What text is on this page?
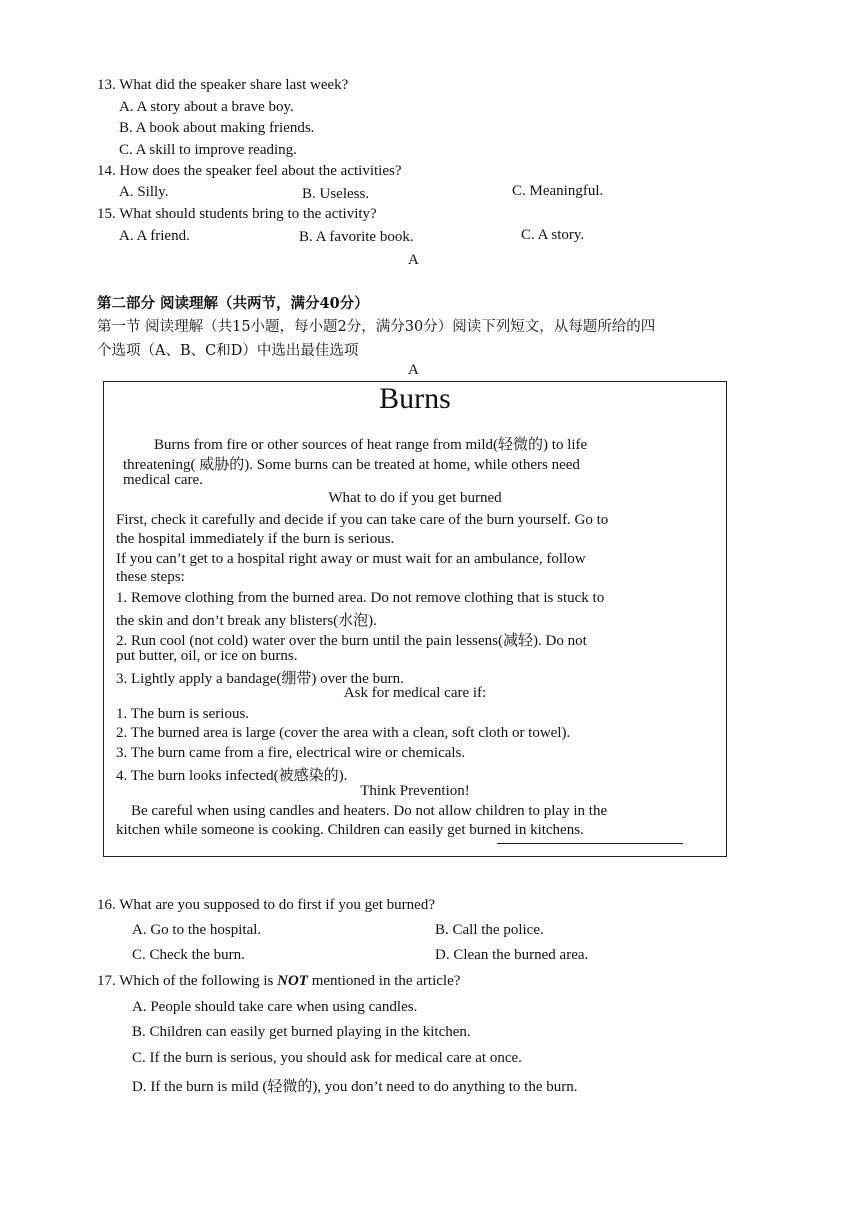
13. What did the speaker share last week?
A. A story about a brave boy.
B. A book about making friends.
C. A skill to improve reading.
14. How does the speaker feel about the activities?
A. Silly.	B. Useless.	C. Meaningful.
15. What should students bring to the activity?
A. A friend.	B. A favorite book.	C. A story.
A
第二部分 阅读理解（共两节，满分40分）
第一节 阅读理解（共15小题，每小题2分，满分30分）阅读下列短文，从每题所给的四
个选项（A、B、C和D）中选出最佳选项
A
Burns
Burns from fire or other sources of heat range from mild(轻微的) to life
threatening( 威胁的). Some burns can be treated at home, while others need
medical care.
What to do if you get burned
First, check it carefully and decide if you can take care of the burn yourself. Go to
the hospital immediately if the burn is serious.
If you can’t get to a hospital right away or must wait for an ambulance, follow
these steps:
1. Remove clothing from the burned area. Do not remove clothing that is stuck to
the skin and don’t break any blisters(水泡).
2. Run cool (not cold) water over the burn until the pain lessens(减轻). Do not
put butter, oil, or ice on burns.
3. Lightly apply a bandage(绷带) over the burn.
Ask for medical care if:
1. The burn is serious.
2. The burned area is large (cover the area with a clean, soft cloth or towel).
3. The burn came from a fire, electrical wire or chemicals.
4. The burn looks infected(被感染的).
Think Prevention!
Be careful when using candles and heaters. Do not allow children to play in the
kitchen while someone is cooking. Children can easily get burned in kitchens.
16. What are you supposed to do first if you get burned?
A. Go to the hospital.	B. Call the police.
C. Check the burn.	D. Clean the burned area.
17. Which of the following is NOT mentioned in the article?
A. People should take care when using candles.
B. Children can easily get burned playing in the kitchen.
C. If the burn is serious, you should ask for medical care at once.
D. If the burn is mild (轻微的), you don’t need to do anything to the burn.
